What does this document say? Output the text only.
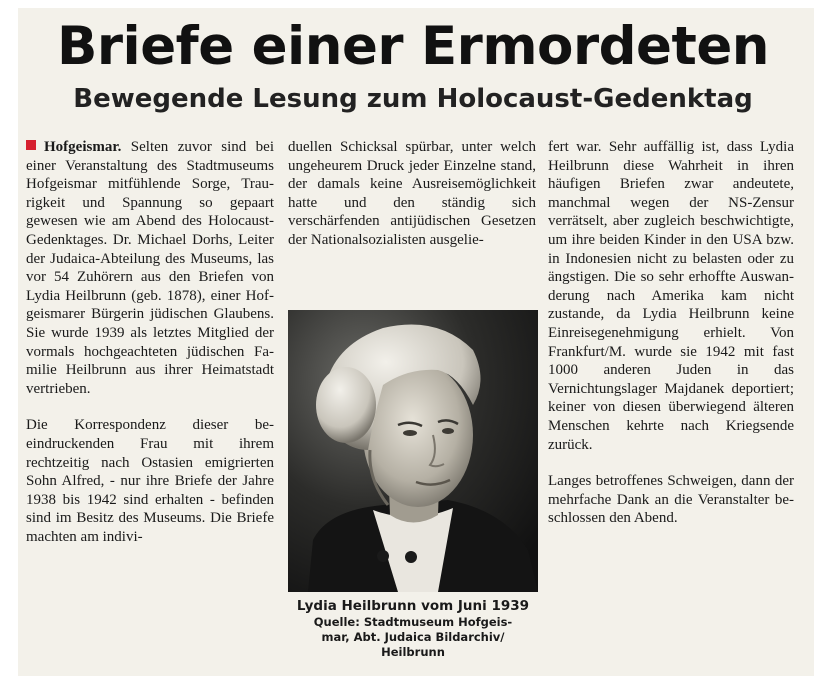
Briefe einer Ermordeten
Bewegende Lesung zum Holocaust-Gedenktag

Hofgeismar. Selten zuvor sind bei einer Veranstaltung des Stadtmuseums Hofgeismar mitfühlende Sorge, Traurigkeit und Spannung so gepaart gewesen wie am Abend des Holocaust-Gedenktages. Dr. Michael Dorhs, Leiter der Judaica-Abteilung des Museums, las vor 54 Zuhörern aus den Briefen von Lydia Heilbrunn (geb. 1878), einer Hofgeismarer Bürgerin jüdischen Glaubens. Sie wurde 1939 als letztes Mitglied der vormals hochgeachteten jüdischen Familie Heilbrunn aus ihrer Heimatstadt vertrieben.

Die Korrespondenz dieser beeindruckenden Frau mit ihrem rechtzeitig nach Ostasien emigrierten Sohn Alfred, - nur ihre Briefe der Jahre 1938 bis 1942 sind erhalten - befinden sind im Besitz des Museums. Die Briefe machten am indivi-

duellen Schicksal spürbar, unter welch ungeheurem Druck jeder Einzelne stand, der damals keine Ausreisemöglichkeit hatte und den ständig sich verschärfenden antijüdischen Gesetzen der Nationalsozialisten ausgelie-

Lydia Heilbrunn vom Juni 1939
Quelle: Stadtmuseum Hofgeis-
mar, Abt. Judaica Bildarchiv/
Heilbrunn

fert war. Sehr auffällig ist, dass Lydia Heilbrunn diese Wahrheit in ihren häufigen Briefen zwar andeutete, manchmal wegen der NS-Zensur verrätselt, aber zugleich beschwichtigte, um ihre beiden Kinder in den USA bzw. in Indonesien nicht zu belasten oder zu ängstigen. Die so sehr erhoffte Auswanderung nach Amerika kam nicht zustande, da Lydia Heilbrunn keine Einreisegenehmigung erhielt. Von Frankfurt/M. wurde sie 1942 mit fast 1000 anderen Juden in das Vernichtungslager Majdanek deportiert; keiner von diesen überwiegend älteren Menschen kehrte nach Kriegsende zurück.

Langes betroffenes Schweigen, dann der mehrfache Dank an die Veranstalter beschlossen den Abend.
